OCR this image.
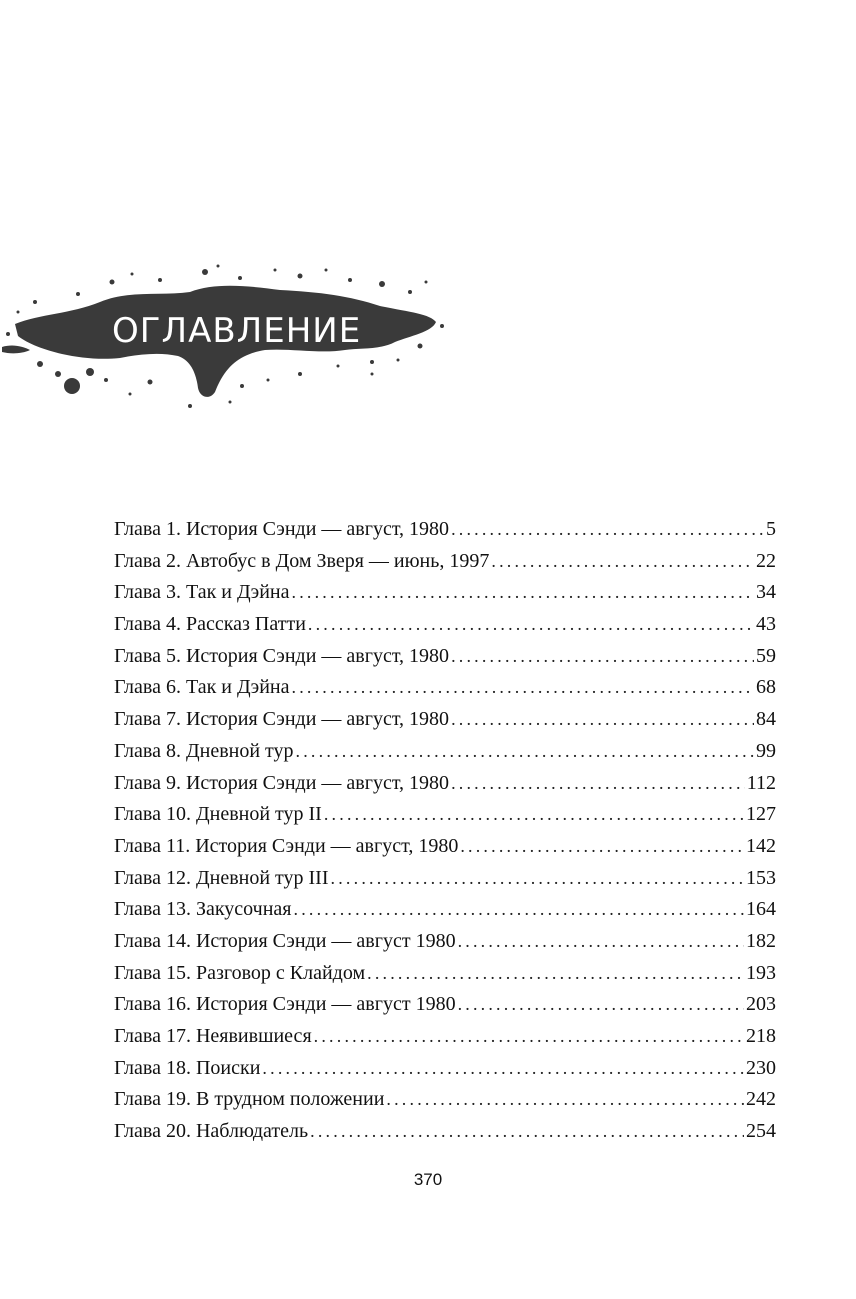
ОГЛАВЛЕНИЕ
Глава 1. История Сэнди — август, 1980 .....	5
Глава 2. Автобус в Дом Зверя — июнь, 1997 .....	22
Глава 3. Так и Дэйна .....	34
Глава 4. Рассказ Патти .....	43
Глава 5. История Сэнди — август, 1980 .....	59
Глава 6. Так и Дэйна .....	68
Глава 7. История Сэнди — август, 1980 .....	84
Глава 8. Дневной тур .....	99
Глава 9. История Сэнди — август, 1980 .....	112
Глава 10. Дневной тур II .....	127
Глава 11. История Сэнди — август, 1980 .....	142
Глава 12. Дневной тур III .....	153
Глава 13. Закусочная .....	164
Глава 14. История Сэнди — август 1980 .....	182
Глава 15. Разговор с Клайдом .....	193
Глава 16. История Сэнди — август 1980 .....	203
Глава 17. Неявившиеся .....	218
Глава 18. Поиски .....	230
Глава 19. В трудном положении .....	242
Глава 20. Наблюдатель .....	254
370
